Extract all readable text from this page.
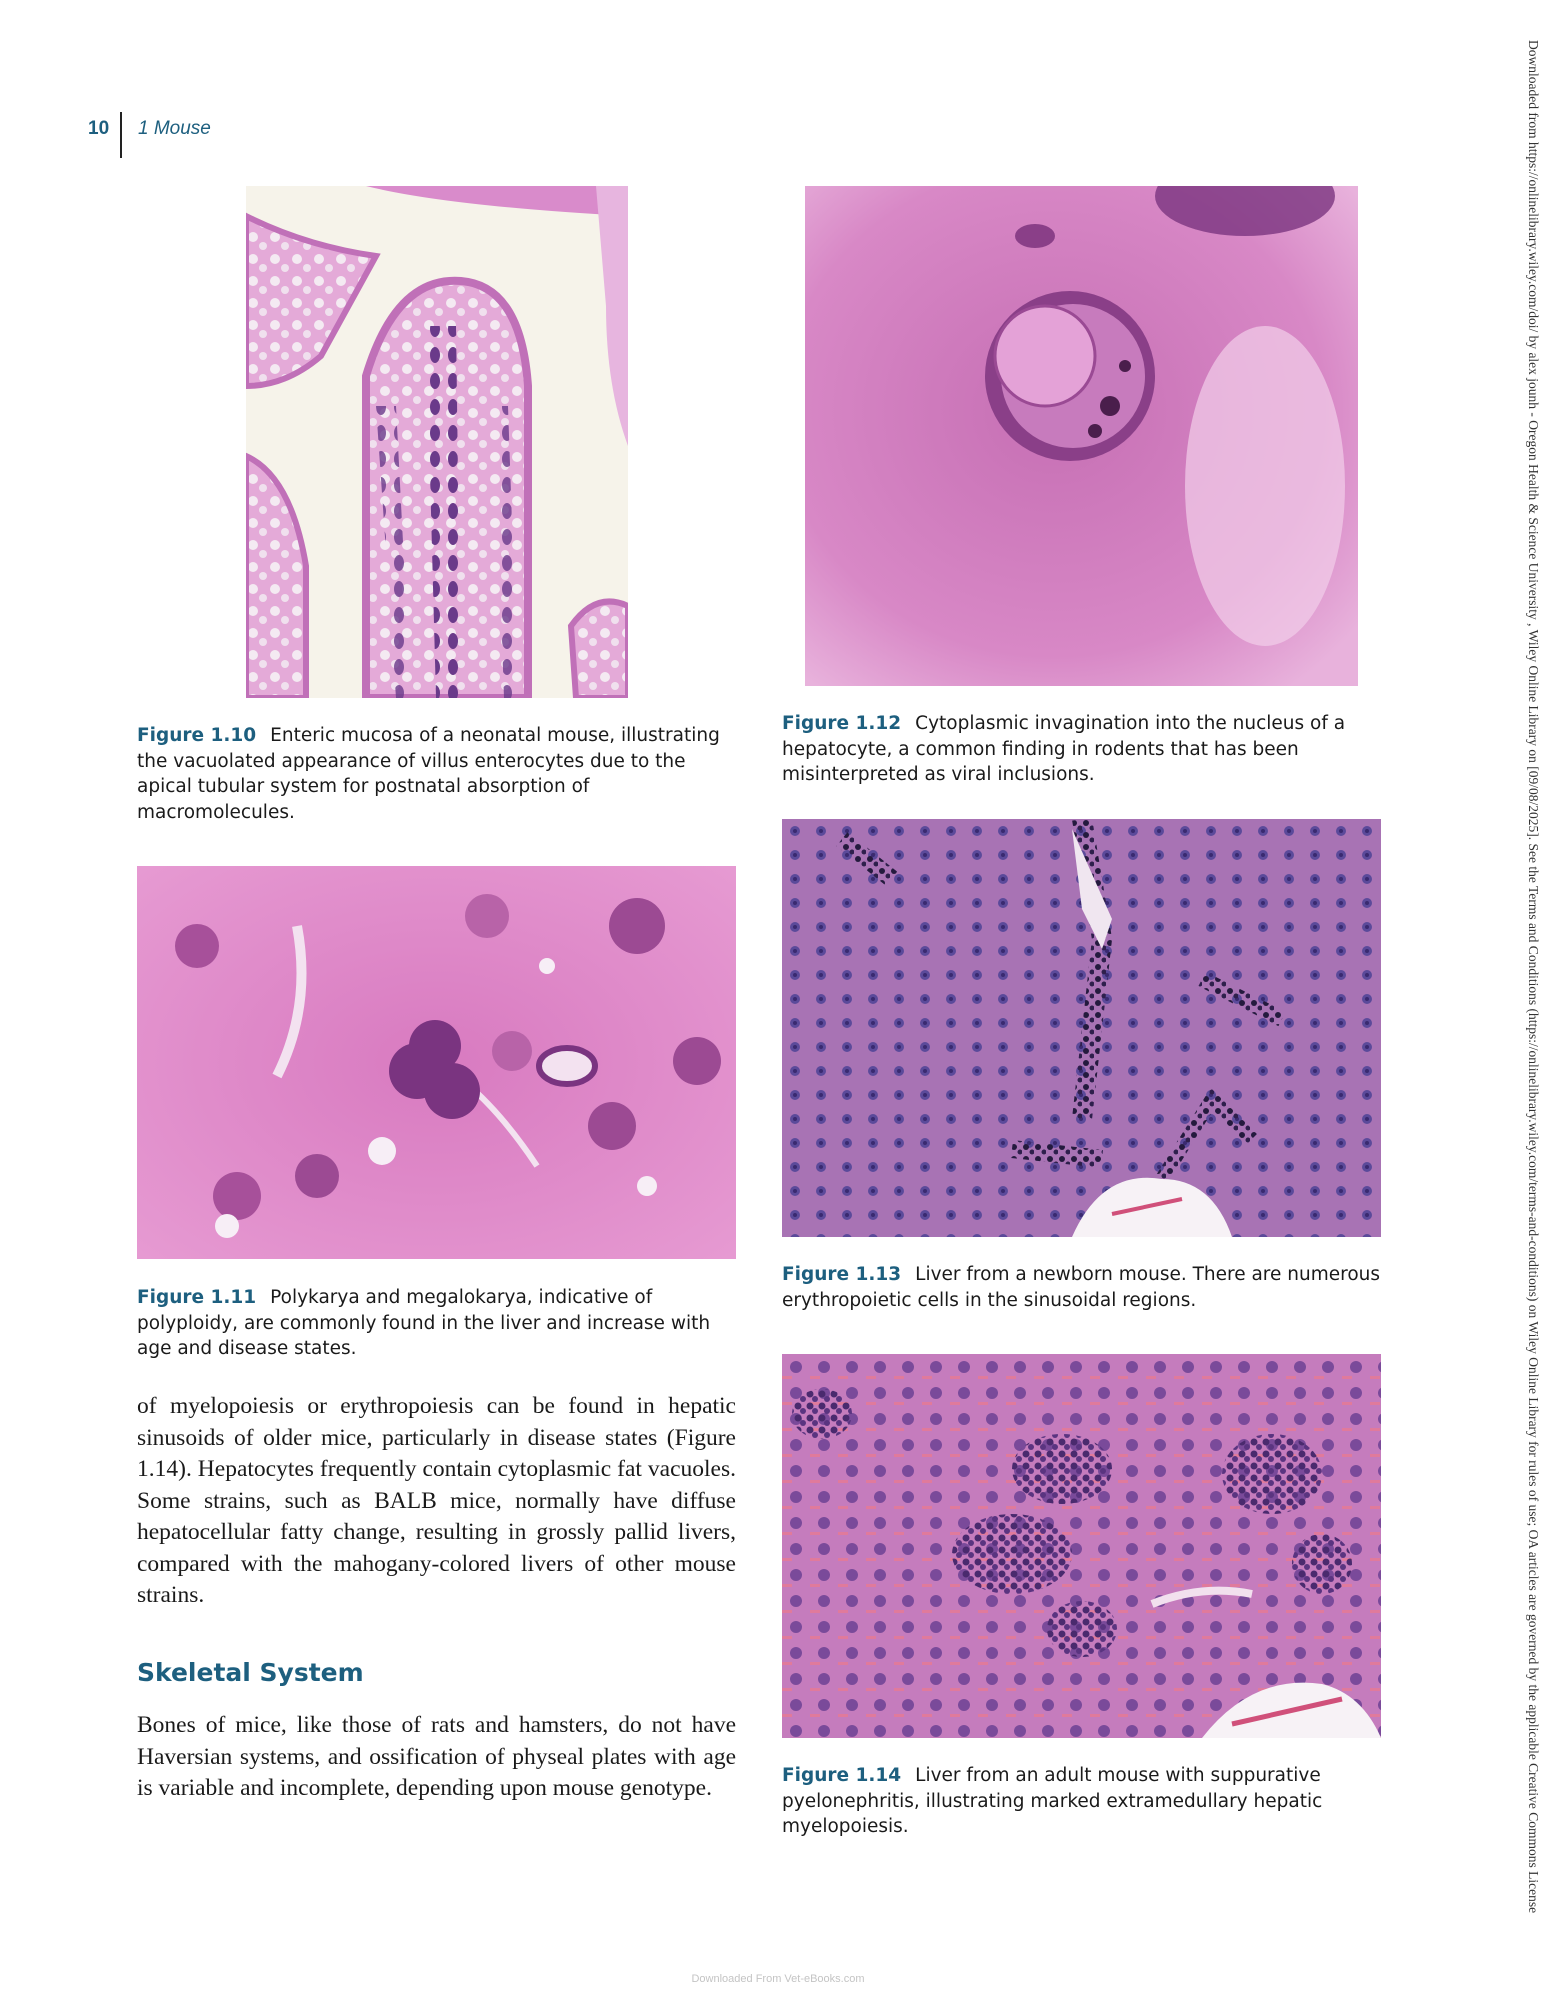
10 1 Mouse
Figure 1.10 Enteric mucosa of a neonatal mouse, illustrating the vacuolated appearance of villus enterocytes due to the apical tubular system for postnatal absorption of macromolecules.
Figure 1.11 Polykarya and megalokarya, indicative of polyploidy, are commonly found in the liver and increase with age and disease states.
of myelopoiesis or erythropoiesis can be found in hepatic sinusoids of older mice, particularly in disease states (Figure 1.14). Hepatocytes frequently contain cytoplasmic fat vacuoles. Some strains, such as BALB mice, normally have diffuse hepatocellular fatty change, resulting in grossly pallid livers, compared with the mahogany-colored livers of other mouse strains.
Skeletal System
Bones of mice, like those of rats and hamsters, do not have Haversian systems, and ossification of physeal plates with age is variable and incomplete, depending upon mouse genotype.
Figure 1.12 Cytoplasmic invagination into the nucleus of a hepatocyte, a common finding in rodents that has been misinterpreted as viral inclusions.
Figure 1.13 Liver from a newborn mouse. There are numerous erythropoietic cells in the sinusoidal regions.
Figure 1.14 Liver from an adult mouse with suppurative pyelonephritis, illustrating marked extramedullary hepatic myelopoiesis.	Downloaded from https://onlinelibrary.wiley.com/doi/ by alex jounh - Oregon Health & Science University , Wiley Online Library on [09/08/2025]. See the Terms and Conditions (https://onlinelibrary.wiley.com/terms-and-conditions) on Wiley Online Library for rules of use; OA articles are governed by the applicable Creative Commons License
Downloaded From Vet-eBooks.com
